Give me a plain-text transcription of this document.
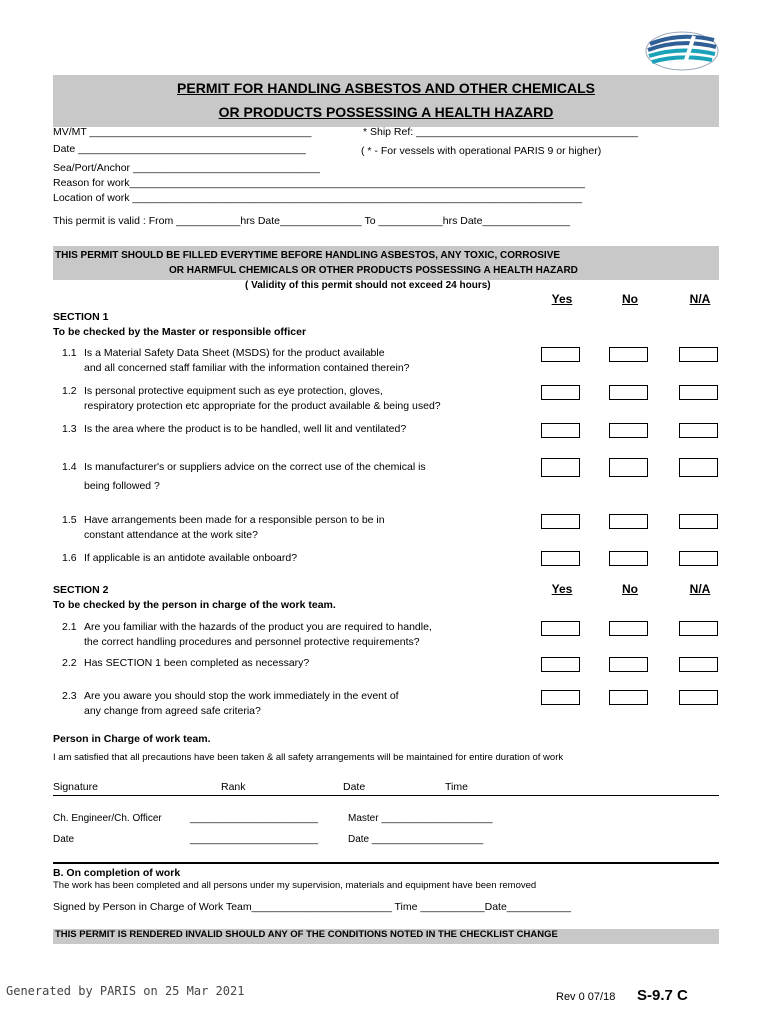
PERMIT FOR HANDLING ASBESTOS AND OTHER CHEMICALS
OR PRODUCTS POSSESSING A HEALTH HAZARD
MV/MT ______________________________________	* Ship Ref: ______________________________________
Date _______________________________________	( * - For vessels with operational PARIS 9 or higher)
Sea/Port/Anchor ________________________________
Reason for work______________________________________________________________________________
Location of work _____________________________________________________________________________
This permit is valid : From ___________hrs Date______________ To ___________hrs Date_______________
THIS PERMIT SHOULD BE FILLED EVERYTIME BEFORE HANDLING ASBESTOS, ANY TOXIC, CORROSIVE
OR HARMFUL CHEMICALS OR OTHER PRODUCTS POSSESSING A HEALTH HAZARD
( Validity of this permit should not exceed 24 hours)
Yes	No	N/A
SECTION 1
To be checked by the Master or responsible officer
1.1 Is a Material Safety Data Sheet (MSDS) for the product available
and all concerned staff familiar with the information contained therein?
1.2 Is personal protective equipment such as eye protection, gloves,
respiratory protection etc appropriate for the product available & being used?
1.3 Is the area where the product is to be handled, well lit and ventilated?
1.4 Is manufacturer's or suppliers advice on the correct use of the chemical is
being followed ?
1.5 Have arrangements been made for a responsible person to be in
constant attendance at the work site?
1.6 If applicable is an antidote available onboard?
SECTION 2
To be checked by the person in charge of the work team.
Yes	No	N/A
2.1 Are you familiar with the hazards of the product you are required to handle,
the correct handling procedures and personnel protective requirements?
2.2 Has SECTION 1 been completed as necessary?
2.3 Are you aware you should stop the work immediately in the event of
any change from agreed safe criteria?
Person in Charge of work team.
I am satisfied that all precautions have been taken & all safety arrangements will be maintained for entire duration of work
Signature	Rank	Date	Time
Ch. Engineer/Ch. Officer	_______________________	Master ____________________
Date	_______________________	Date ____________________
B. On completion of work
The work has been completed and all persons under my supervision, materials and equipment have been removed
Signed by Person in Charge of Work Team________________________ Time ___________Date___________
THIS PERMIT IS RENDERED INVALID SHOULD ANY OF THE CONDITIONS NOTED IN THE CHECKLIST CHANGE
Generated by PARIS on 25 Mar 2021	Rev 0 07/18 S-9.7 C
